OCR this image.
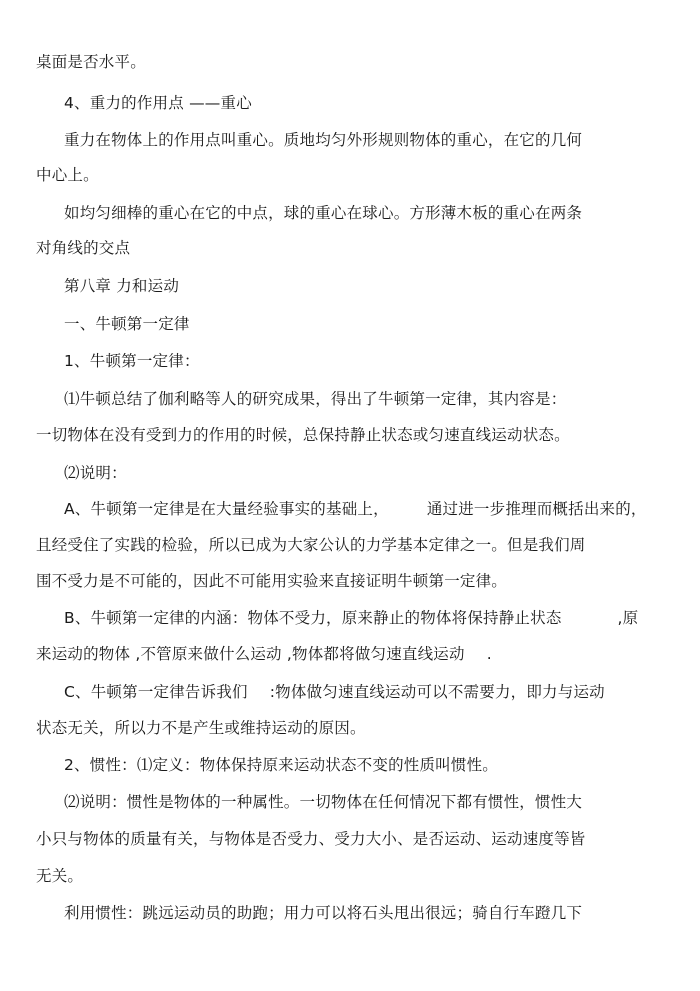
桌面是否水平。
4、重力的作用点 ——重心
重力在物体上的作用点叫重心。质地均匀外形规则物体的重心，在它的几何
中心上。
如均匀细棒的重心在它的中点，球的重心在球心。方形薄木板的重心在两条
对角线的交点
第八章 力和运动
一、牛顿第一定律
1、牛顿第一定律：
⑴牛顿总结了伽利略等人的研究成果，得出了牛顿第一定律，其内容是：
一切物体在没有受到力的作用的时候，总保持静止状态或匀速直线运动状态。
⑵说明：
A、牛顿第一定律是在大量经验事实的基础上， 通过进一步推理而概括出来的，
且经受住了实践的检验，所以已成为大家公认的力学基本定律之一。但是我们周
围不受力是不可能的，因此不可能用实验来直接证明牛顿第一定律。
B、牛顿第一定律的内涵：物体不受力，原来静止的物体将保持静止状态	,原
来运动的物体 ,不管原来做什么运动 ,物体都将做匀速直线运动 .
C、牛顿第一定律告诉我们 :物体做匀速直线运动可以不需要力，即力与运动
状态无关，所以力不是产生或维持运动的原因。
2、惯性：⑴定义：物体保持原来运动状态不变的性质叫惯性。
⑵说明：惯性是物体的一种属性。一切物体在任何情况下都有惯性，惯性大
小只与物体的质量有关，与物体是否受力、受力大小、是否运动、运动速度等皆
无关。
利用惯性：跳远运动员的助跑；用力可以将石头甩出很远；骑自行车蹬几下
